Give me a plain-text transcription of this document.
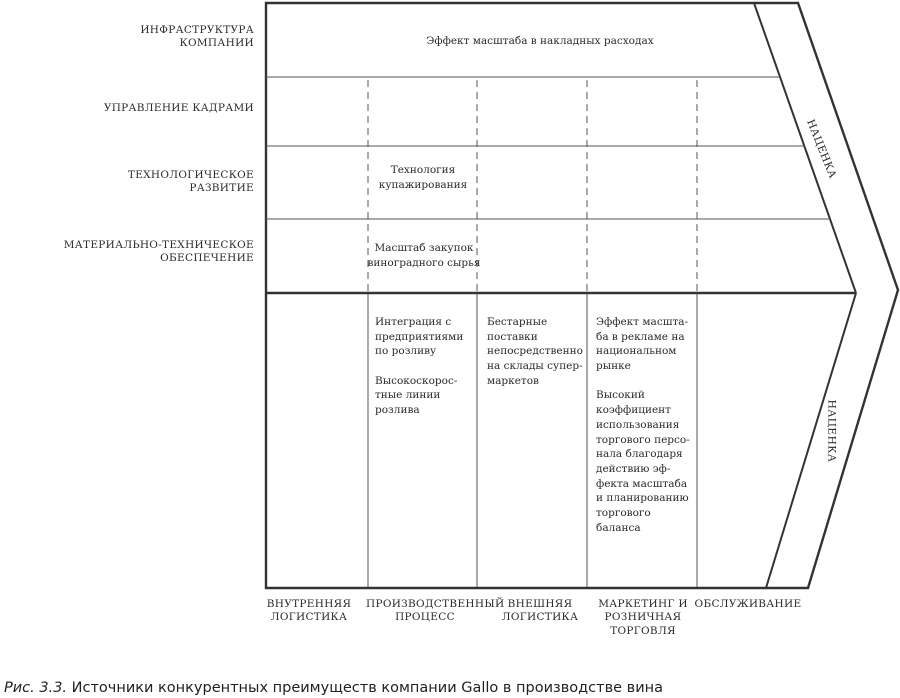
ИНФРАСТРУКТУРА
КОМПАНИИ
УПРАВЛЕНИЕ КАДРАМИ
ТЕХНОЛОГИЧЕСКОЕ
РАЗВИТИЕ
МАТЕРИАЛЬНО-ТЕХНИЧЕСКОЕ
ОБЕСПЕЧЕНИЕ
Эффект масштаба в накладных расходах
Технология
купажирования
Масштаб закупок
виноградного сырья
Интеграция с
предприятиями
по розливу

Высокоскорос-
тные линии
розлива
Бестарные
поставки
непосредственно
на склады супер-
маркетов
Эффект масшта-
ба в рекламе на
национальном
рынке

Высокий
коэффициент
использования
торгового персо-
нала благодаря
действию эф-
фекта масштаба
и планированию
торгового
баланса
НАЦЕНКА
НАЦЕНКА
ВНУТРЕННЯЯ
ЛОГИСТИКА
ПРОИЗВОДСТВЕННЫЙ
ПРОЦЕСС
ВНЕШНЯЯ
ЛОГИСТИКА
МАРКЕТИНГ И
РОЗНИЧНАЯ
ТОРГОВЛЯ
ОБСЛУЖИВАНИЕ
Рис. 3.3. Источники конкурентных преимуществ компании Gallo в производстве вина
